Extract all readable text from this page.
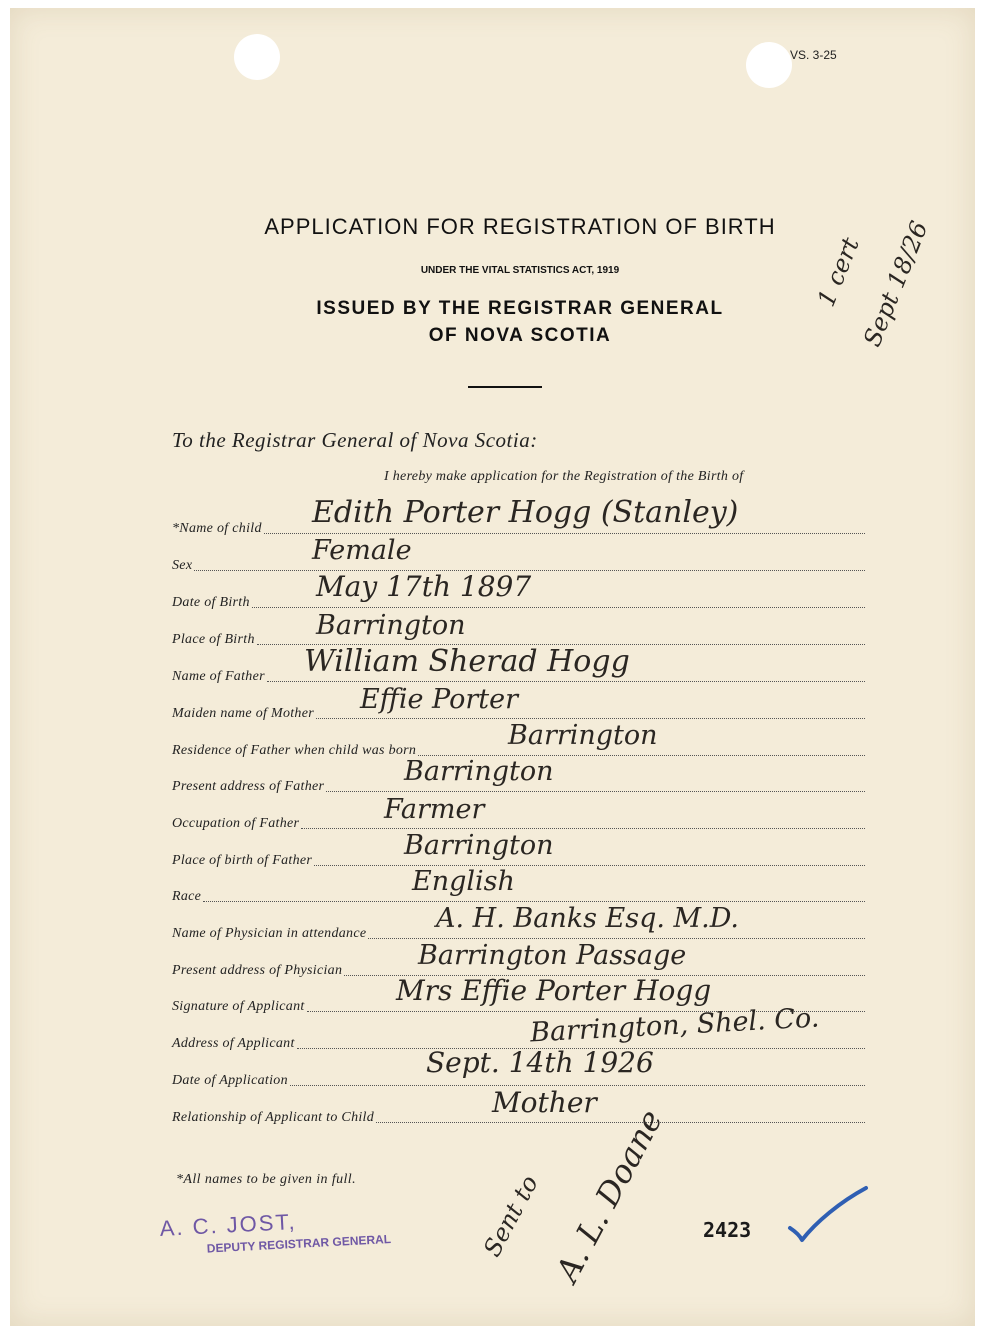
VS. 3-25
APPLICATION FOR REGISTRATION OF BIRTH
UNDER THE VITAL STATISTICS ACT, 1919
ISSUED BY THE REGISTRAR GENERAL
OF NOVA SCOTIA
1 cert
Sept 18/26
To the Registrar General of Nova Scotia:
I hereby make application for the Registration of the Birth of
*Name of child
Sex
Date of Birth
Place of Birth
Name of Father
Maiden name of Mother
Residence of Father when child was born
Present address of Father
Occupation of Father
Place of birth of Father
Race
Name of Physician in attendance
Present address of Physician
Signature of Applicant
Address of Applicant
Date of Application
Relationship of Applicant to Child
Edith Porter Hogg (Stanley)
Female
May 17th 1897
Barrington
William Sherad Hogg
Effie Porter
Barrington
Barrington
Farmer
Barrington
English
A. H. Banks Esq. M.D.
Barrington Passage
Mrs Effie Porter Hogg
Barrington, Shel. Co.
Sept. 14th 1926
Mother
*All names to be given in full.
A. C. JOST,
DEPUTY REGISTRAR GENERAL	Sent to A. L. Doane 2423
